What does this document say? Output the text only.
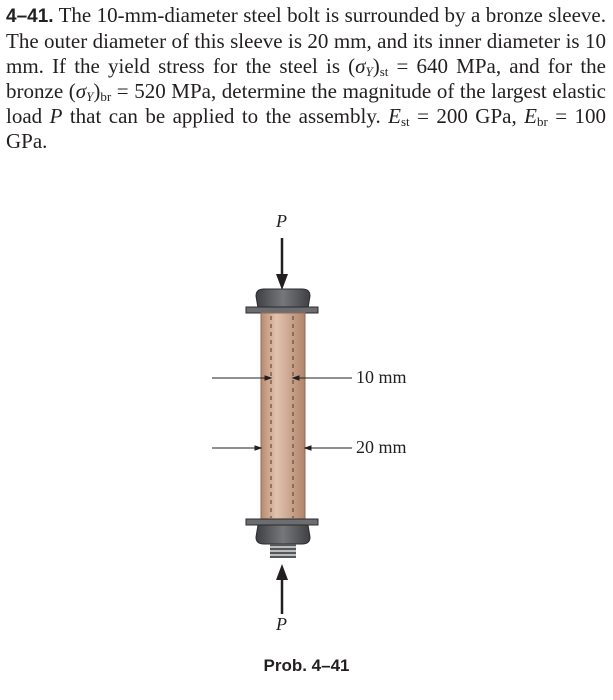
4–41. The 10-mm-diameter steel bolt is surrounded by a bronze sleeve. The outer diameter of this sleeve is 20 mm, and its inner diameter is 10 mm. If the yield stress for the steel is $(\sigma_Y)_{st} = 640$ MPa, and for the bronze $(\sigma_Y)_{br} = 520$ MPa, determine the magnitude of the largest elastic load P that can be applied to the assembly. $E_{st} = 200$ GPa, $E_{br} = 100$ GPa.
P
P
10 mm
20 mm
Prob. 4–41
